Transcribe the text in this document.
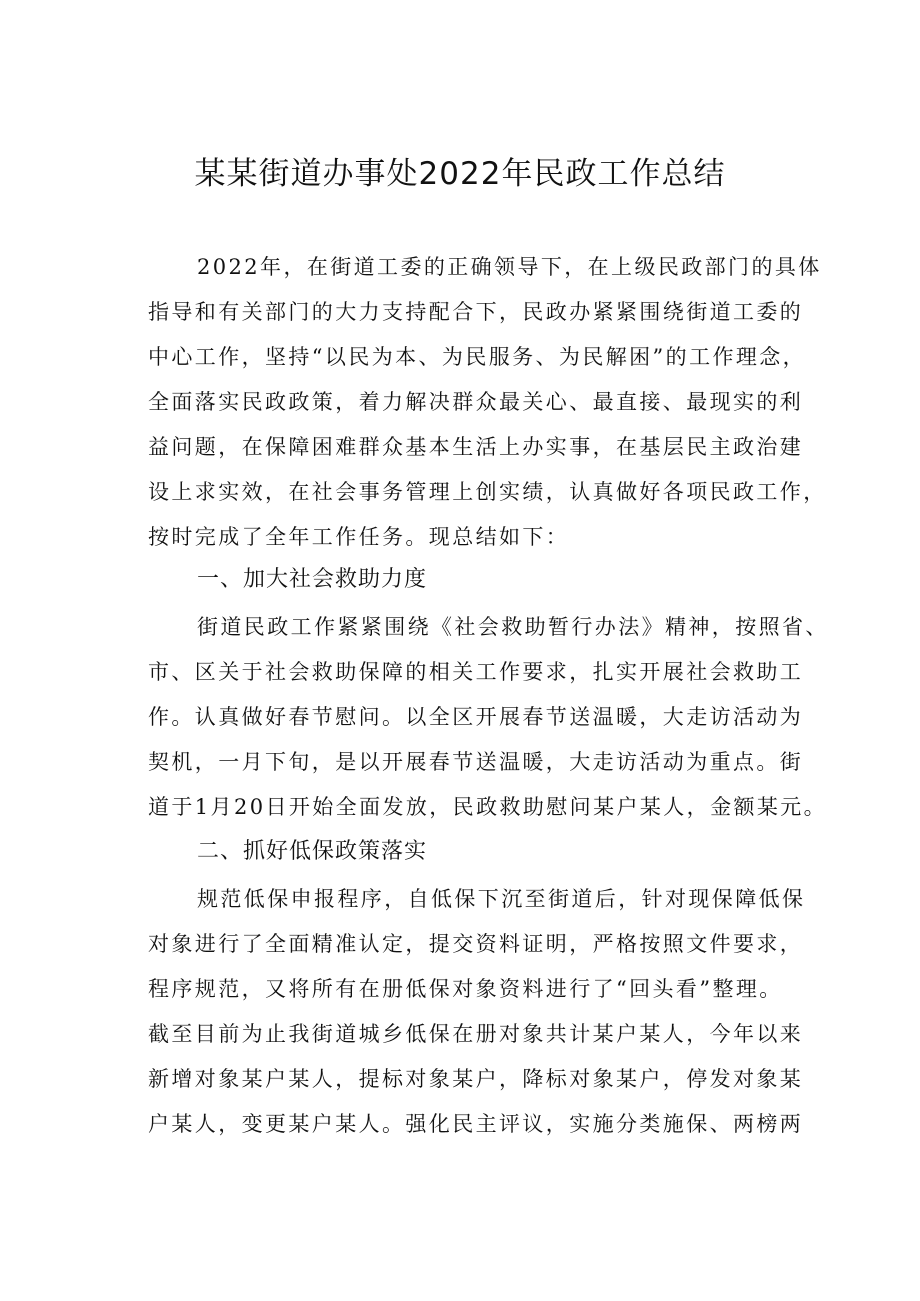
某某街道办事处2022年民政工作总结
2022年，在街道工委的正确领导下，在上级民政部门的具体
指导和有关部门的大力支持配合下，民政办紧紧围绕街道工委的
中心工作，坚持“以民为本、为民服务、为民解困”的工作理念，
全面落实民政政策，着力解决群众最关心、最直接、最现实的利
益问题，在保障困难群众基本生活上办实事，在基层民主政治建
设上求实效，在社会事务管理上创实绩，认真做好各项民政工作，
按时完成了全年工作任务。现总结如下：
一、加大社会救助力度
街道民政工作紧紧围绕《社会救助暂行办法》精神，按照省、
市、区关于社会救助保障的相关工作要求，扎实开展社会救助工
作。认真做好春节慰问。以全区开展春节送温暖，大走访活动为
契机，一月下旬，是以开展春节送温暖，大走访活动为重点。街
道于1月20日开始全面发放，民政救助慰问某户某人，金额某元。
二、抓好低保政策落实
规范低保申报程序，自低保下沉至街道后，针对现保障低保
对象进行了全面精准认定，提交资料证明，严格按照文件要求，
程序规范，又将所有在册低保对象资料进行了“回头看”整理。
截至目前为止我街道城乡低保在册对象共计某户某人，今年以来
新增对象某户某人，提标对象某户，降标对象某户，停发对象某
户某人，变更某户某人。强化民主评议，实施分类施保、两榜两
